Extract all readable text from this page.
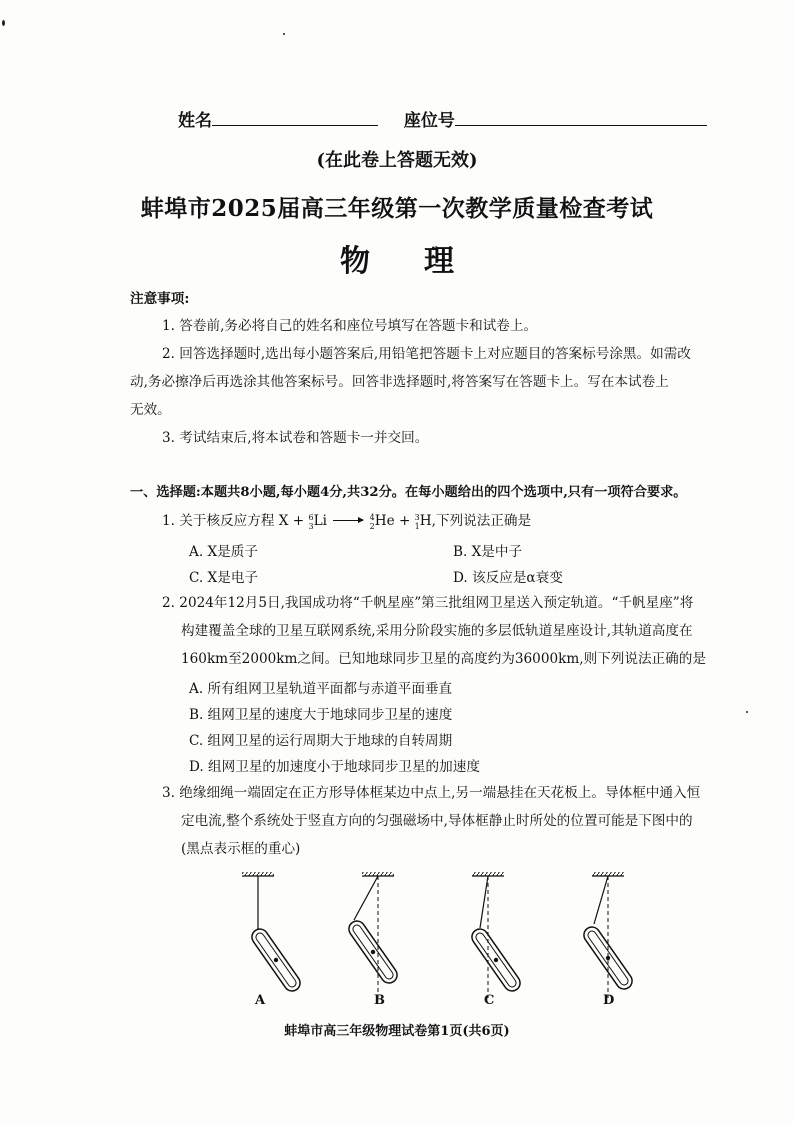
姓名	座位号
(在此卷上答题无效)
蚌埠市2025届高三年级第一次教学质量检查考试
物理
注意事项:
1. 答卷前,务必将自己的姓名和座位号填写在答题卡和试卷上。
2. 回答选择题时,选出每小题答案后,用铅笔把答题卡上对应题目的答案标号涂黑。如需改
动,务必擦净后再选涂其他答案标号。回答非选择题时,将答案写在答题卡上。写在本试卷上
无效。
3. 考试结束后,将本试卷和答题卡一并交回。
一、选择题:本题共8小题,每小题4分,共32分。在每小题给出的四个选项中,只有一项符合要求。
1. 关于核反应方程 X + 6
3 Li	4
2 He + 3
1 H,下列说法正确是
A. X是质子	B. X是中子
C. X是电子	D. 该反应是α衰变
2. 2024年12月5日,我国成功将“千帆星座”第三批组网卫星送入预定轨道。“千帆星座”将
构建覆盖全球的卫星互联网系统,采用分阶段实施的多层低轨道星座设计,其轨道高度在
160km至2000km之间。已知地球同步卫星的高度约为36000km,则下列说法正确的是
A. 所有组网卫星轨道平面都与赤道平面垂直
B. 组网卫星的速度大于地球同步卫星的速度
C. 组网卫星的运行周期大于地球的自转周期
D. 组网卫星的加速度小于地球同步卫星的加速度
3. 绝缘细绳一端固定在正方形导体框某边中点上,另一端悬挂在天花板上。导体框中通入恒
定电流,整个系统处于竖直方向的匀强磁场中,导体框静止时所处的位置可能是下图中的
(黑点表示框的重心)
A	B	C	D
蚌埠市高三年级物理试卷第1页(共6页)
